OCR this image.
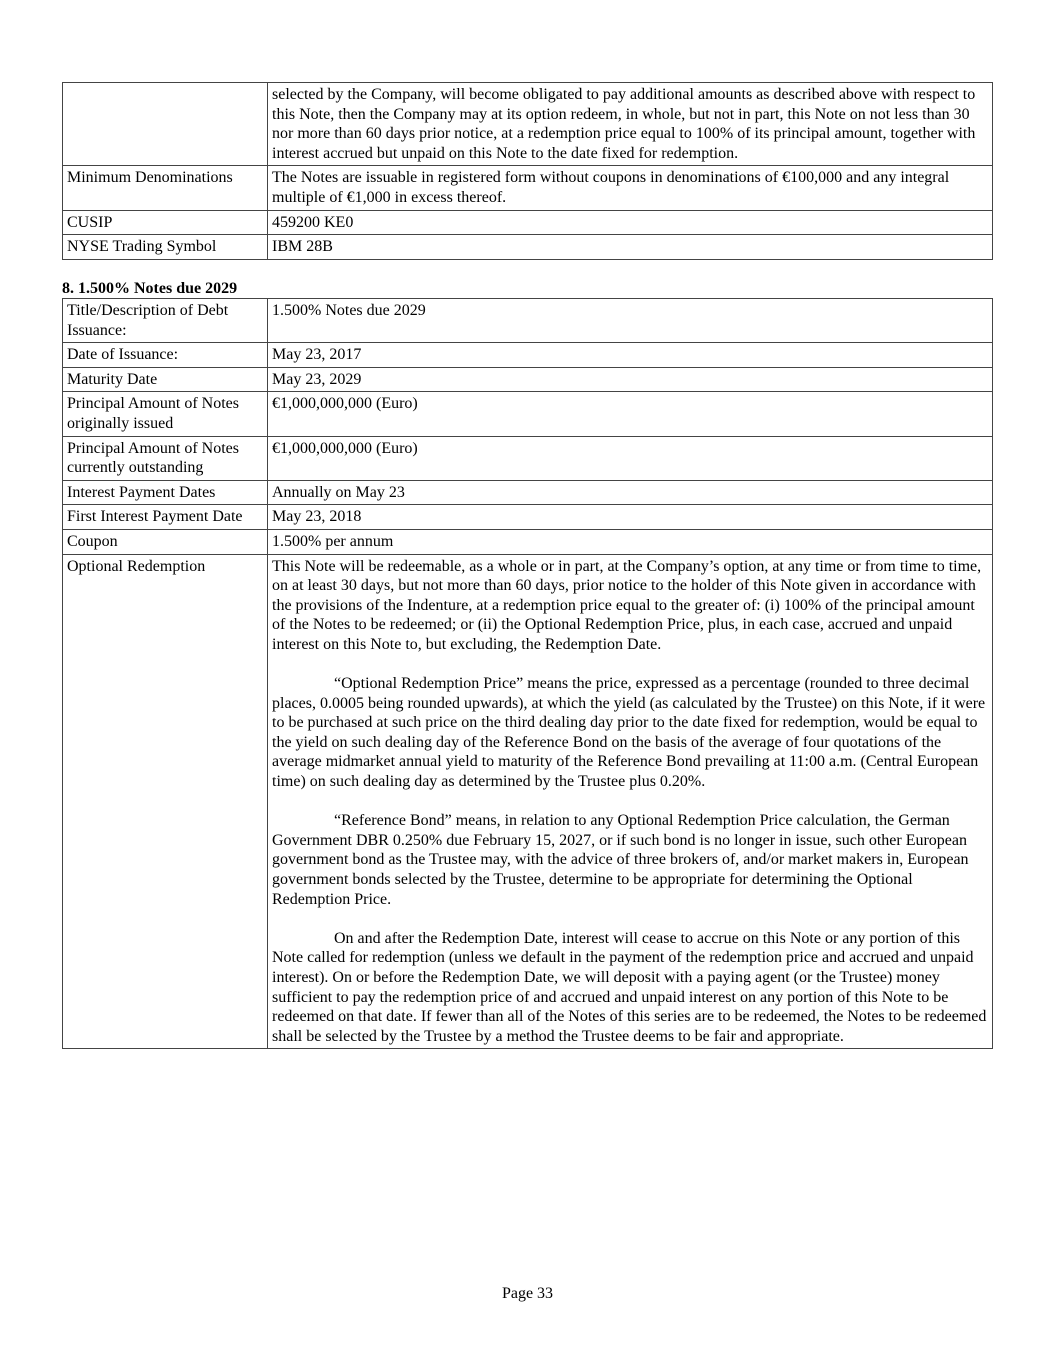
	selected by the Company, will become obligated to pay additional amounts as described above with respect to this Note, then the Company may at its option redeem, in whole, but not in part, this Note on not less than 30 nor more than 60 days prior notice, at a redemption price equal to 100% of its principal amount, together with interest accrued but unpaid on this Note to the date fixed for redemption.
Minimum Denominations	The Notes are issuable in registered form without coupons in denominations of €100,000 and any integral multiple of €1,000 in excess thereof.
CUSIP	459200 KE0
NYSE Trading Symbol	IBM 28B
8. 1.500% Notes due 2029
Title/Description of Debt Issuance:	1.500% Notes due 2029
Date of Issuance:	May 23, 2017
Maturity Date	May 23, 2029
Principal Amount of Notes originally issued	€1,000,000,000 (Euro)
Principal Amount of Notes currently outstanding	€1,000,000,000 (Euro)
Interest Payment Dates	Annually on May 23
First Interest Payment Date	May 23, 2018
Coupon	1.500% per annum
Optional Redemption	This Note will be redeemable, as a whole or in part, at the Company’s option, at any time or from time to time, on at least 30 days, but not more than 60 days, prior notice to the holder of this Note given in accordance with the provisions of the Indenture, at a redemption price equal to the greater of: (i) 100% of the principal amount of the Notes to be redeemed; or (ii) the Optional Redemption Price, plus, in each case, accrued and unpaid interest on this Note to, but excluding, the Redemption Date.

“Optional Redemption Price” means the price, expressed as a percentage (rounded to three decimal places, 0.0005 being rounded upwards), at which the yield (as calculated by the Trustee) on this Note, if it were to be purchased at such price on the third dealing day prior to the date fixed for redemption, would be equal to the yield on such dealing day of the Reference Bond on the basis of the average of four quotations of the average midmarket annual yield to maturity of the Reference Bond prevailing at 11:00 a.m. (Central European time) on such dealing day as determined by the Trustee plus 0.20%.

“Reference Bond” means, in relation to any Optional Redemption Price calculation, the German Government DBR 0.250% due February 15, 2027, or if such bond is no longer in issue, such other European government bond as the Trustee may, with the advice of three brokers of, and/or market makers in, European government bonds selected by the Trustee, determine to be appropriate for determining the Optional Redemption Price.

On and after the Redemption Date, interest will cease to accrue on this Note or any portion of this Note called for redemption (unless we default in the payment of the redemption price and accrued and unpaid interest). On or before the Redemption Date, we will deposit with a paying agent (or the Trustee) money sufficient to pay the redemption price of and accrued and unpaid interest on any portion of this Note to be redeemed on that date. If fewer than all of the Notes of this series are to be redeemed, the Notes to be redeemed shall be selected by the Trustee by a method the Trustee deems to be fair and appropriate.

Page 33
